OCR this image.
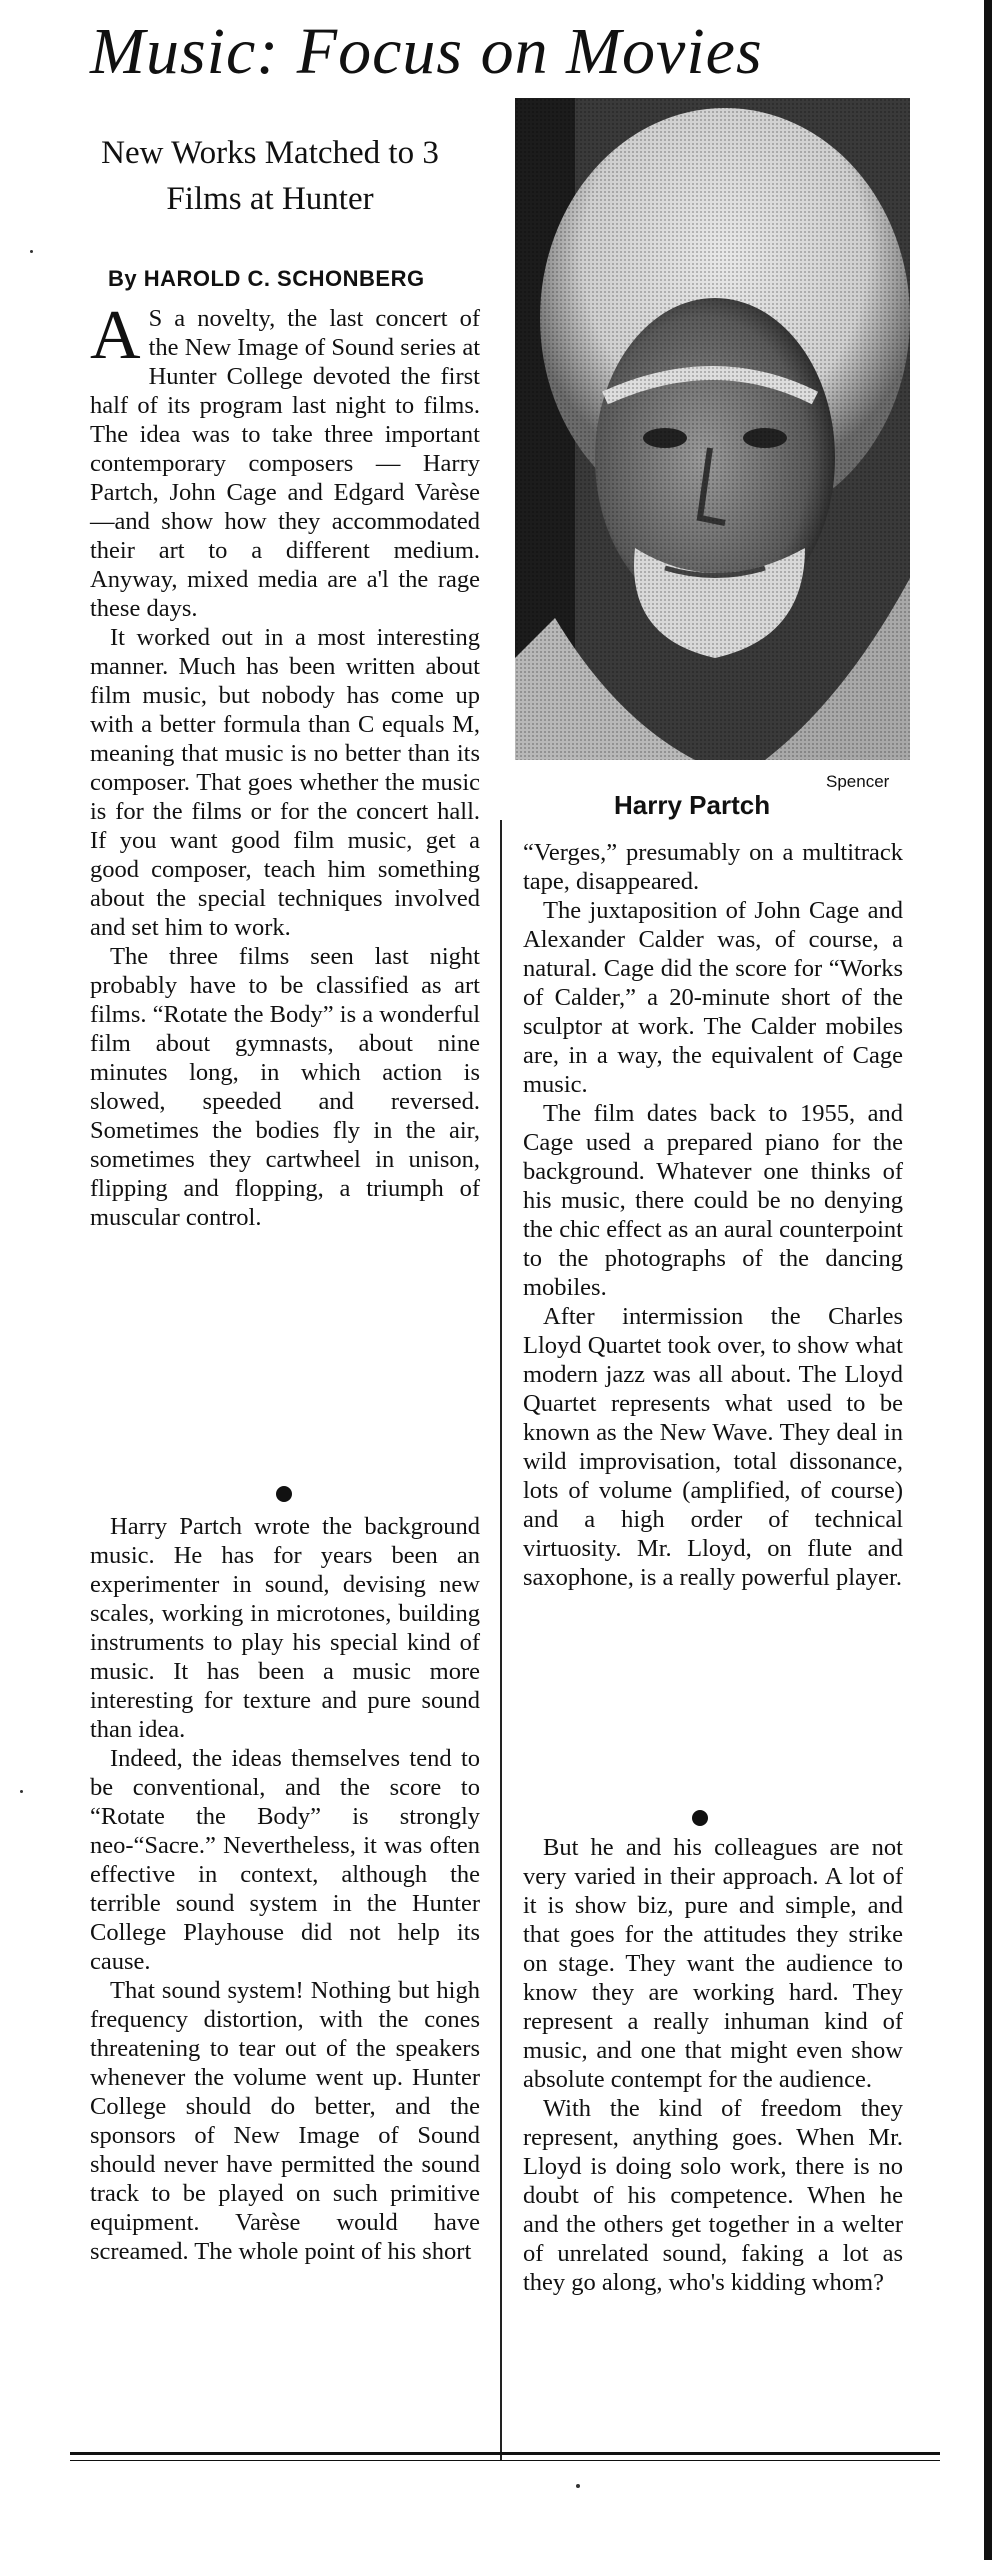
Music: Focus on Movies
New Works Matched to 3 Films at Hunter
By HAROLD C. SCHONBERG
Spencer
Harry Partch

A S a novelty, the last concert of the New Image of Sound series at Hunter College devoted the first half of its program last night to films. The idea was to take three important contemporary composers — Harry Partch, John Cage and Edgard Varèse—and show how they accommodated their art to a different medium. Anyway, mixed media are a'l the rage these days.

It worked out in a most interesting manner. Much has been written about film music, but nobody has come up with a better formula than C equals M, meaning that music is no better than its composer. That goes whether the music is for the films or for the concert hall. If you want good film music, get a good composer, teach him something about the special techniques involved and set him to work.

The three films seen last night probably have to be classified as art films. “Rotate the Body” is a wonderful film about gymnasts, about nine minutes long, in which action is slowed, speeded and reversed. Sometimes the bodies fly in the air, sometimes they cartwheel in unison, flipping and flopping, a triumph of muscular control.

Harry Partch wrote the background music. He has for years been an experimenter in sound, devising new scales, working in microtones, building instruments to play his special kind of music. It has been a music more interesting for texture and pure sound than idea.

Indeed, the ideas themselves tend to be conventional, and the score to “Rotate the Body” is strongly neo-“Sacre.” Nevertheless, it was often effective in context, although the terrible sound system in the Hunter College Playhouse did not help its cause.

That sound system! Nothing but high frequency distortion, with the cones threatening to tear out of the speakers whenever the volume went up. Hunter College should do better, and the sponsors of New Image of Sound should never have permitted the sound track to be played on such primitive equipment. Varèse would have screamed. The whole point of his short

“Verges,” presumably on a multitrack tape, disappeared.

The juxtaposition of John Cage and Alexander Calder was, of course, a natural. Cage did the score for “Works of Calder,” a 20-minute short of the sculptor at work. The Calder mobiles are, in a way, the equivalent of Cage music.

The film dates back to 1955, and Cage used a prepared piano for the background. Whatever one thinks of his music, there could be no denying the chic effect as an aural counterpoint to the photographs of the dancing mobiles.

After intermission the Charles Lloyd Quartet took over, to show what modern jazz was all about. The Lloyd Quartet represents what used to be known as the New Wave. They deal in wild improvisation, total dissonance, lots of volume (amplified, of course) and a high order of technical virtuosity. Mr. Lloyd, on flute and saxophone, is a really powerful player.

But he and his colleagues are not very varied in their approach. A lot of it is show biz, pure and simple, and that goes for the attitudes they strike on stage. They want the audience to know they are working hard. They represent a really inhuman kind of music, and one that might even show absolute contempt for the audience.

With the kind of freedom they represent, anything goes. When Mr. Lloyd is doing solo work, there is no doubt of his competence. When he and the others get together in a welter of unrelated sound, faking a lot as they go along, who's kidding whom?
